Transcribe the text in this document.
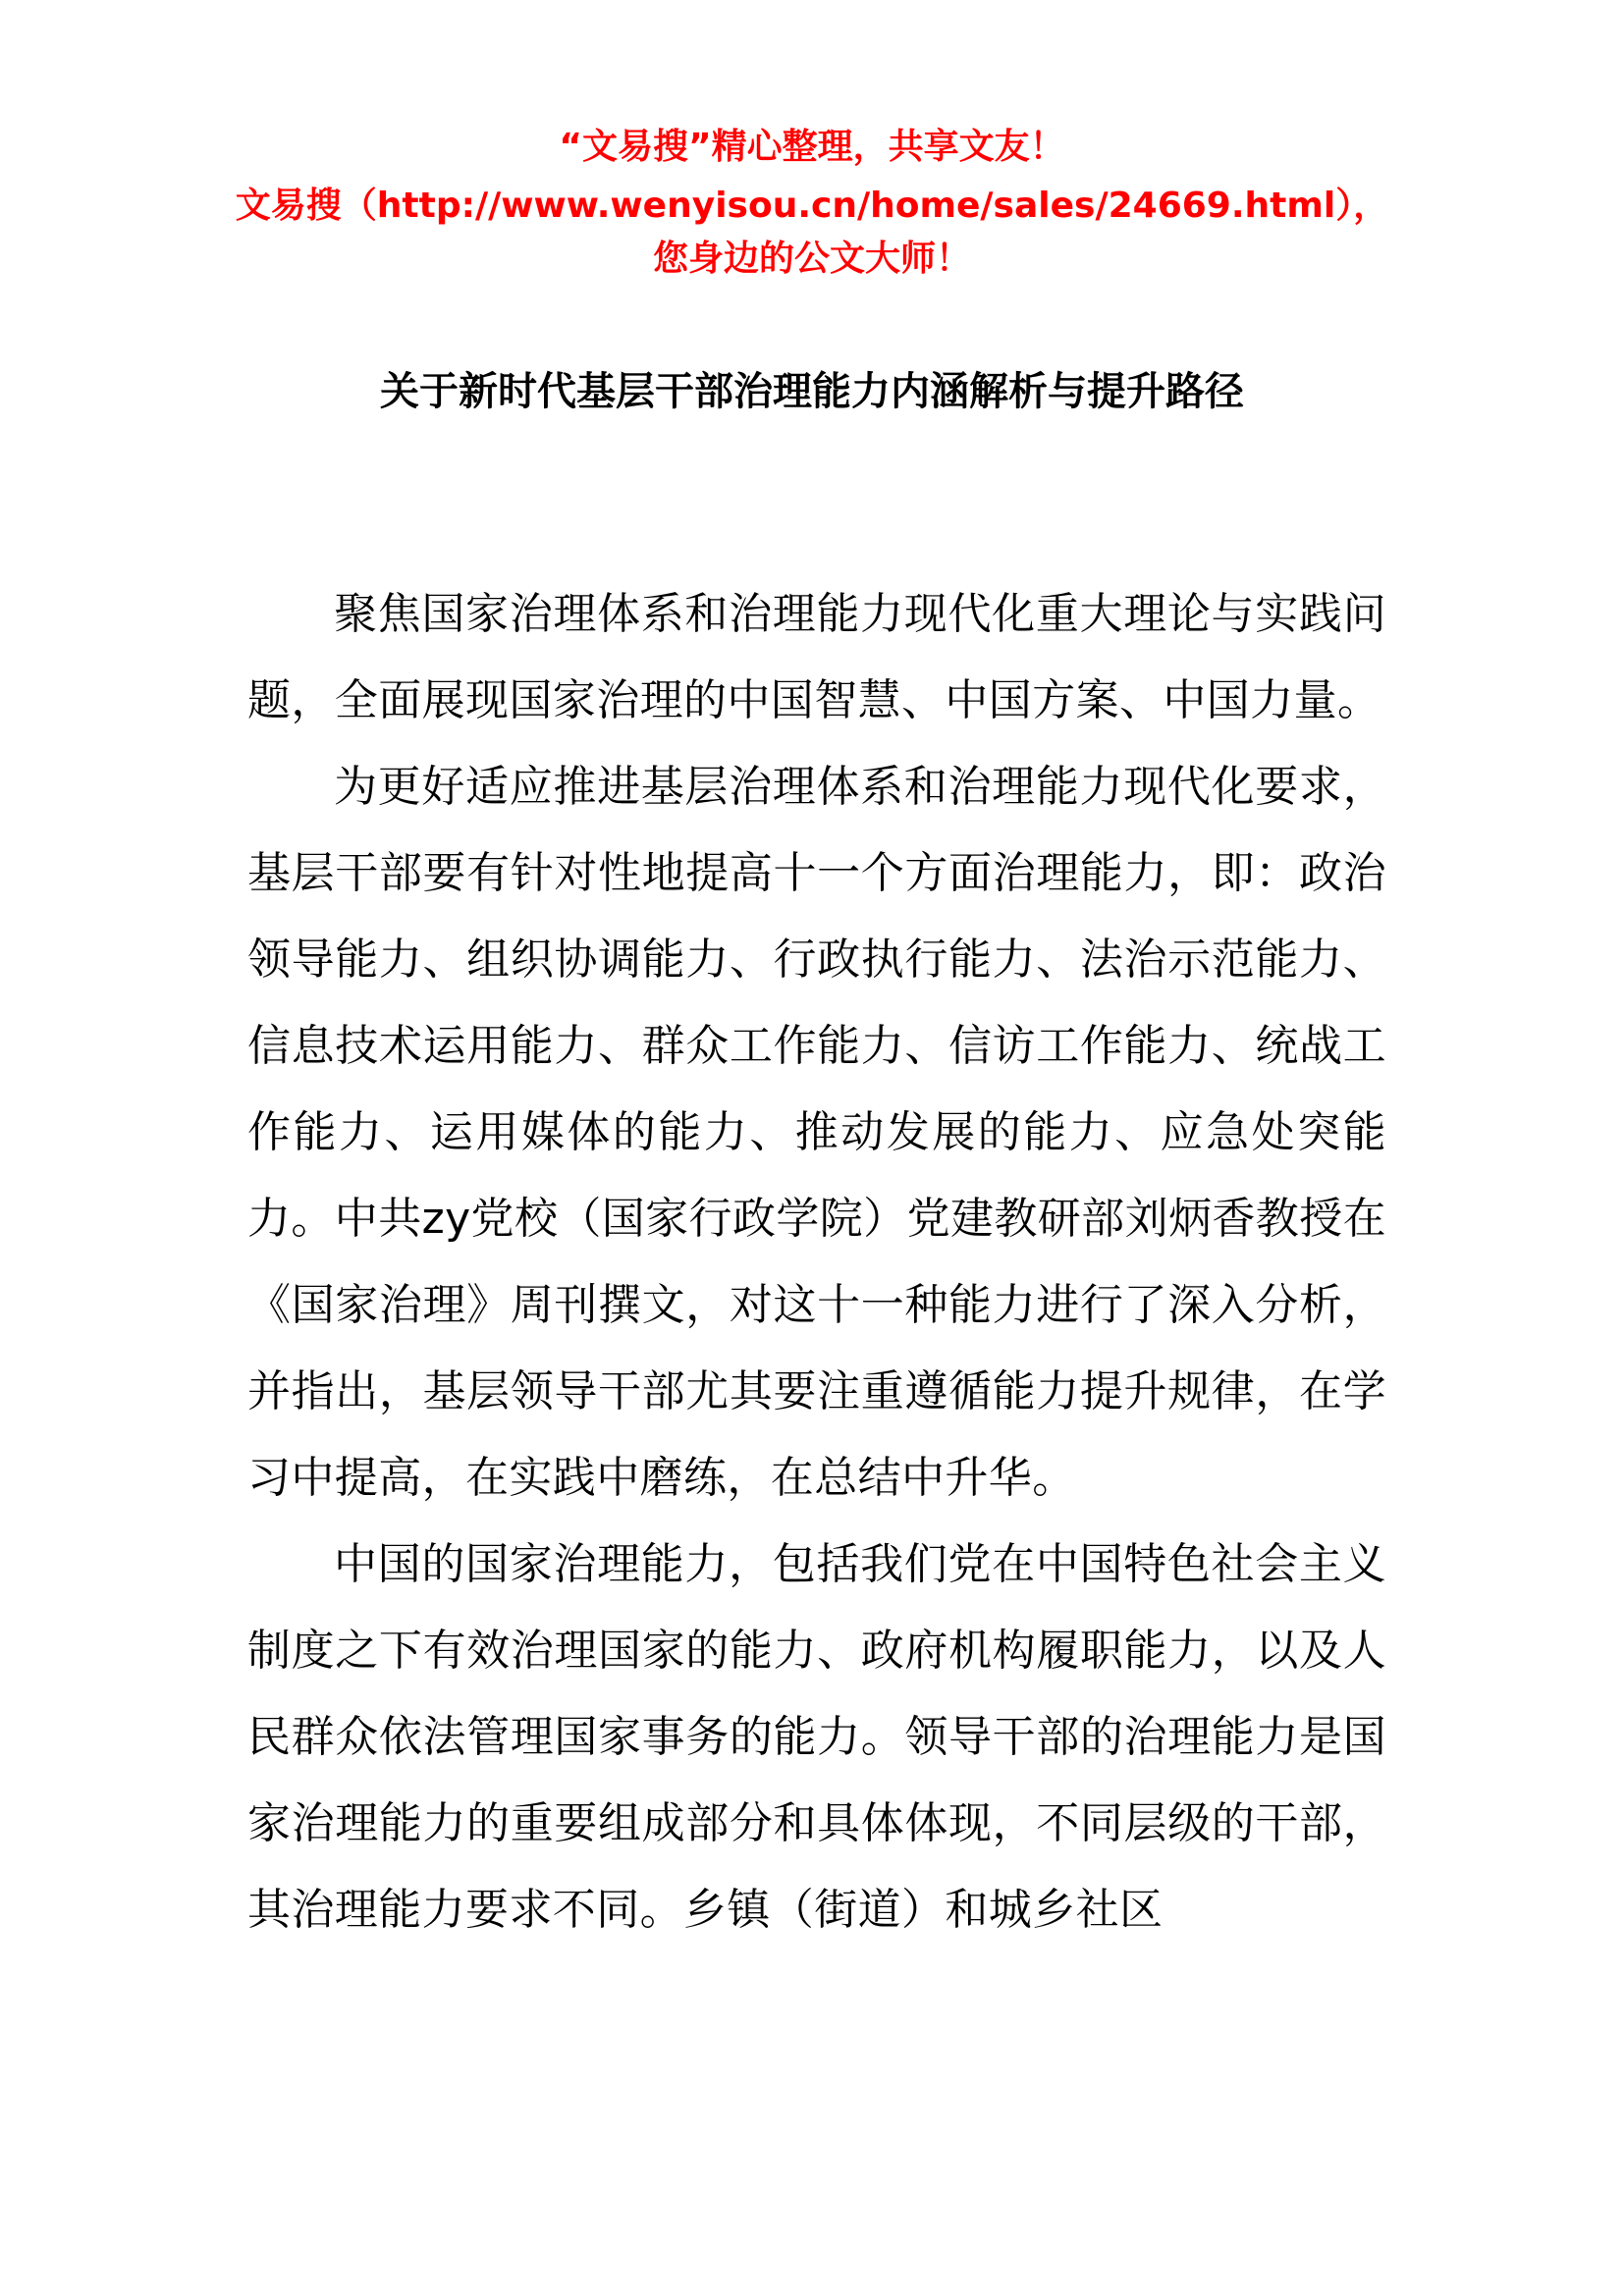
“文易搜”精心整理，共享文友！
文易搜（http://www.wenyisou.cn/home/sales/24669.html），
您身边的公文大师！
关于新时代基层干部治理能力内涵解析与提升路径

聚焦国家治理体系和治理能力现代化重大理论与实践问题，全面展现国家治理的中国智慧、中国方案、中国力量。

为更好适应推进基层治理体系和治理能力现代化要求，基层干部要有针对性地提高十一个方面治理能力，即：政治领导能力、组织协调能力、行政执行能力、法治示范能力、信息技术运用能力、群众工作能力、信访工作能力、统战工作能力、运用媒体的能力、推动发展的能力、应急处突能力。中共zy党校（国家行政学院）党建教研部刘炳香教授在《国家治理》周刊撰文，对这十一种能力进行了深入分析，并指出，基层领导干部尤其要注重遵循能力提升规律，在学习中提高，在实践中磨练，在总结中升华。

中国的国家治理能力，包括我们党在中国特色社会主义制度之下有效治理国家的能力、政府机构履职能力，以及人民群众依法管理国家事务的能力。领导干部的治理能力是国家治理能力的重要组成部分和具体体现，不同层级的干部，其治理能力要求不同。乡镇（街道）和城乡社区
